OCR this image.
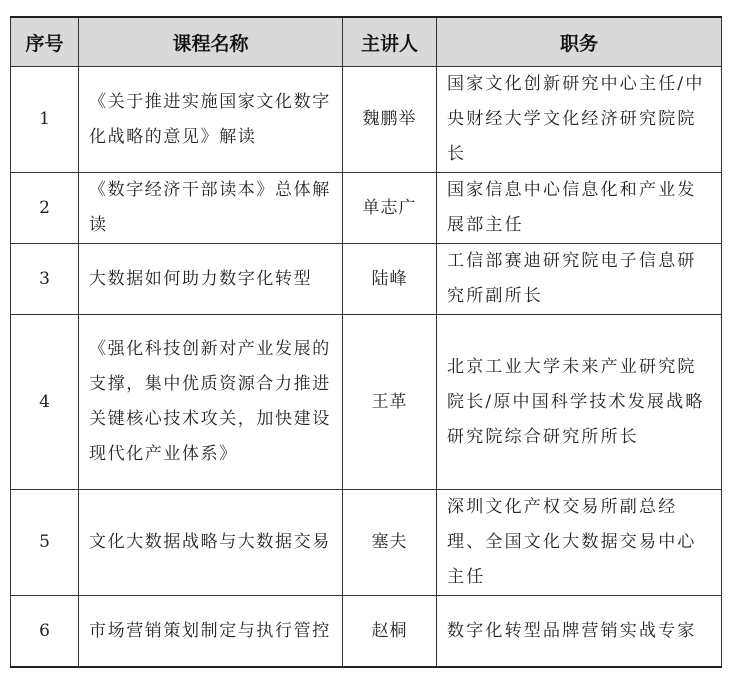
序号	课程名称	主讲人	职务
1	《关于推进实施国家文化数字化战略的意见》解读	魏鹏举	国家文化创新研究中心主任/中央财经大学文化经济研究院院长
2	《数字经济干部读本》总体解读	单志广	国家信息中心信息化和产业发展部主任
3	大数据如何助力数字化转型	陆峰	工信部赛迪研究院电子信息研究所副所长
4	《强化科技创新对产业发展的支撑，集中优质资源合力推进关键核心技术攻关，加快建设现代化产业体系》	王革	北京工业大学未来产业研究院院长/原中国科学技术发展战略研究院综合研究所所长
5	文化大数据战略与大数据交易	塞夫	深圳文化产权交易所副总经理、全国文化大数据交易中心主任
6	市场营销策划制定与执行管控	赵桐	数字化转型品牌营销实战专家
